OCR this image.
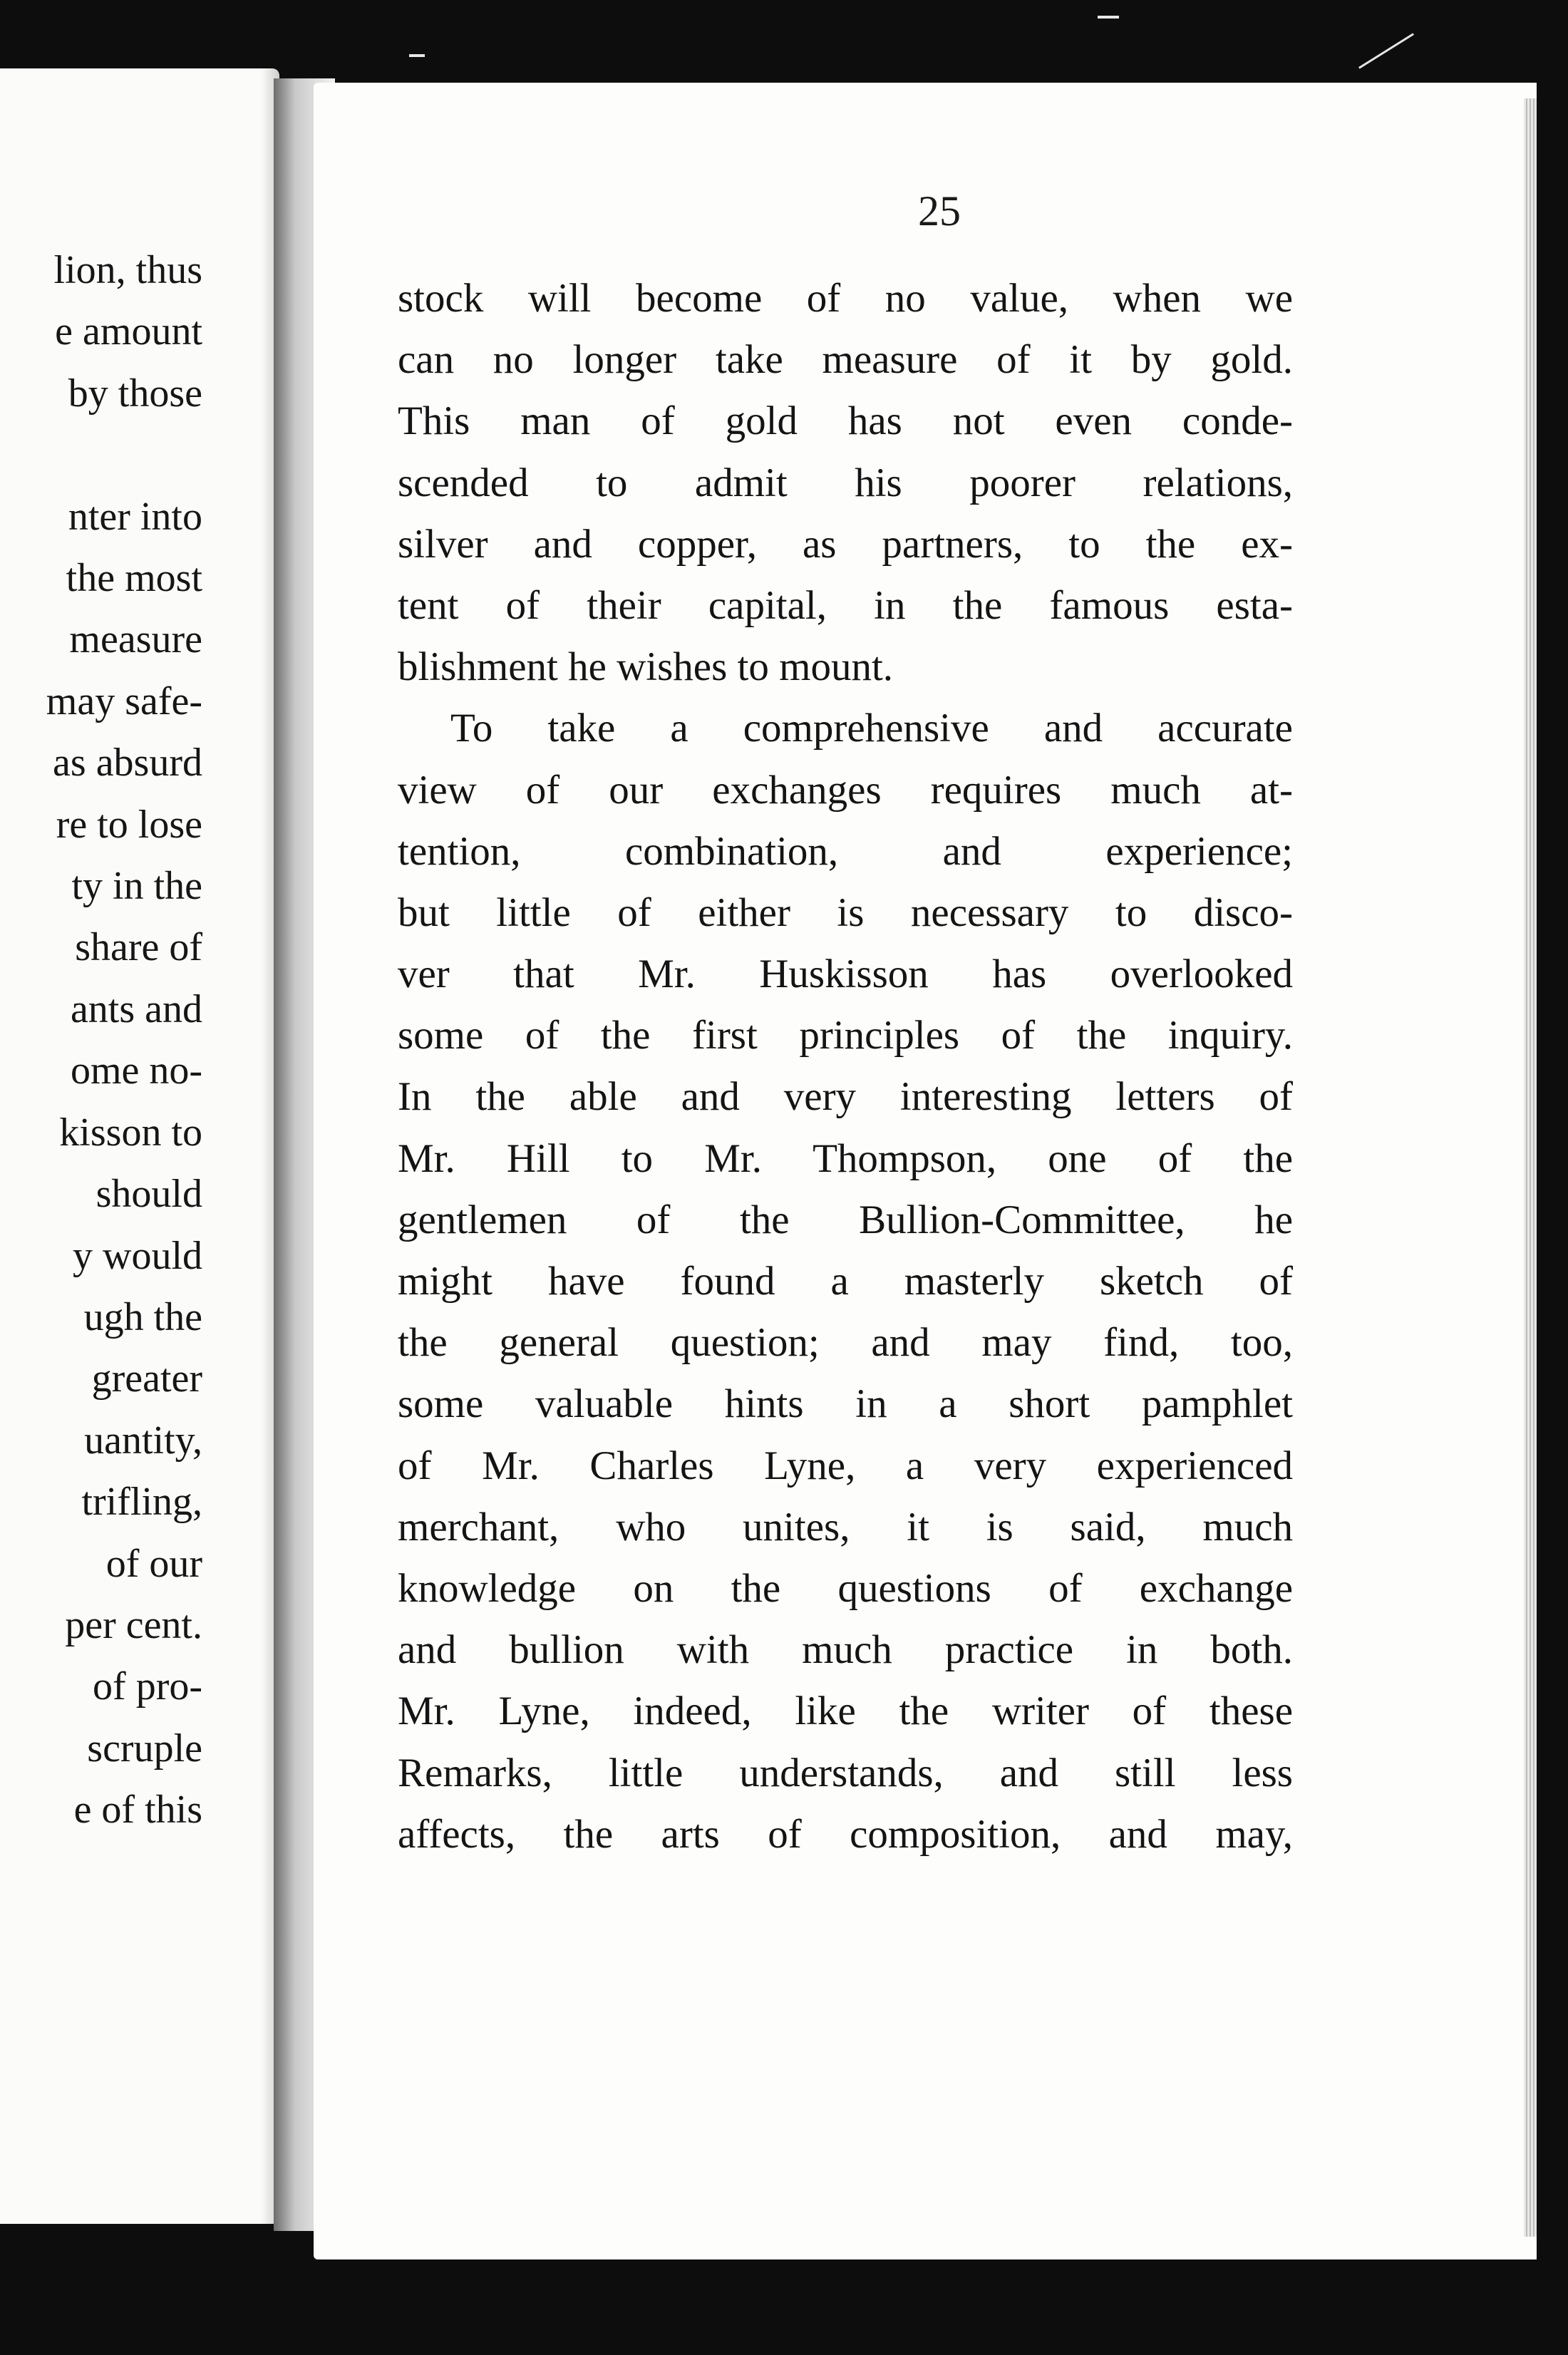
lion, thus
e amount
by those

nter into
the most
measure
may safe-
as absurd
re to lose
ty in the
share of
ants and
ome no-
kisson to
should
y would
ugh the
greater
uantity,
trifling,
of our
per cent.
of pro-
scruple
e of this
25
stock will become of no value, when we
can no longer take measure of it by gold.
This man of gold has not even conde-
scended to admit his poorer relations,
silver and copper, as partners, to the ex-
tent of their capital, in the famous esta-
blishment he wishes to mount.
To take a comprehensive and accurate
view of our exchanges requires much at-
tention, combination, and experience;
but little of either is necessary to disco-
ver that Mr. Huskisson has overlooked
some of the first principles of the inquiry.
In the able and very interesting letters of
Mr. Hill to Mr. Thompson, one of the
gentlemen of the Bullion-Committee, he
might have found a masterly sketch of
the general question; and may find, too,
some valuable hints in a short pamphlet
of Mr. Charles Lyne, a very experienced
merchant, who unites, it is said, much
knowledge on the questions of exchange
and bullion with much practice in both.
Mr. Lyne, indeed, like the writer of these
Remarks, little understands, and still less
affects, the arts of composition, and may,
